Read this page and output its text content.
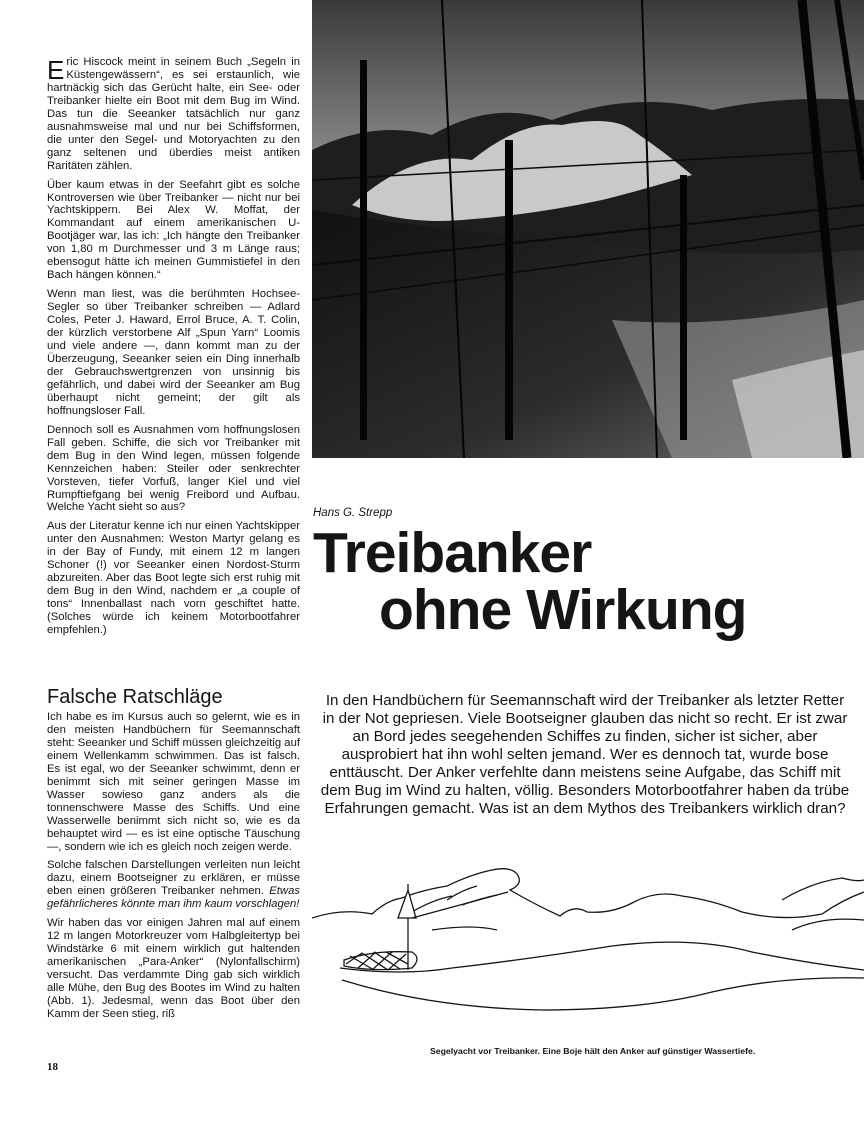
Eric Hiscock meint in seinem Buch „Segeln in Küstengewässern“, es sei erstaunlich, wie hartnäckig sich das Gerücht halte, ein See- oder Treibanker hielte ein Boot mit dem Bug im Wind. Das tun die Seeanker tatsächlich nur ganz ausnahmsweise mal und nur bei Schiffsformen, die unter den Segel- und Motoryachten zu den ganz seltenen und überdies meist antiken Raritäten zählen.

Über kaum etwas in der Seefahrt gibt es solche Kontroversen wie über Treibanker — nicht nur bei Yachtskippern. Bei Alex W. Moffat, der Kommandant auf einem amerikanischen U-Bootjäger war, las ich: „Ich hängte den Treibanker von 1,80 m Durchmesser und 3 m Länge raus; ebensogut hätte ich meinen Gummistiefel in den Bach hängen können.“

Wenn man liest, was die berühmten Hochsee-Segler so über Treibanker schreiben — Adlard Coles, Peter J. Haward, Errol Bruce, A. T. Colin, der kürzlich verstorbene Alf „Spun Yarn“ Loomis und viele andere —, dann kommt man zu der Überzeugung, Seeanker seien ein Ding innerhalb der Gebrauchswertgrenzen von unsinnig bis gefährlich, und dabei wird der Seeanker am Bug überhaupt nicht gemeint; der gilt als hoffnungsloser Fall.

Dennoch soll es Ausnahmen vom hoffnungslosen Fall geben. Schiffe, die sich vor Treibanker mit dem Bug in den Wind legen, müssen folgende Kennzeichen haben: Steiler oder senkrechter Vorsteven, tiefer Vorfuß, langer Kiel und viel Rumpftiefgang bei wenig Freibord und Aufbau. Welche Yacht sieht so aus?

Aus der Literatur kenne ich nur einen Yachtskipper unter den Ausnahmen: Weston Martyr gelang es in der Bay of Fundy, mit einem 12 m langen Schoner (!) vor Seeanker einen Nordost-Sturm abzureiten. Aber das Boot legte sich erst ruhig mit dem Bug in den Wind, nachdem er „a couple of tons“ Innenballast nach vorn geschiftet hatte. (Solches würde ich keinem Motorbootfahrer empfehlen.)

Falsche Ratschläge

Ich habe es im Kursus auch so gelernt, wie es in den meisten Handbüchern für Seemannschaft steht: Seeanker und Schiff müssen gleichzeitig auf einem Wellenkamm schwimmen. Das ist falsch. Es ist egal, wo der Seeanker schwimmt, denn er benimmt sich mit seiner geringen Masse im Wasser sowieso ganz anders als die tonnenschwere Masse des Schiffs. Und eine Wasserwelle benimmt sich nicht so, wie es da behauptet wird — es ist eine optische Täuschung —, sondern wie ich es gleich noch zeigen werde.

Solche falschen Darstellungen verleiten nun leicht dazu, einem Bootseigner zu erklären, er müsse eben einen größeren Treibanker nehmen. Etwas gefährlicheres könnte man ihm kaum vorschlagen!

Wir haben das vor einigen Jahren mal auf einem 12 m langen Motorkreuzer vom Halbgleitertyp bei Windstärke 6 mit einem wirklich gut haltenden amerikanischen „Para-Anker“ (Nylonfallschirm) versucht. Das verdammte Ding gab sich wirklich alle Mühe, den Bug des Bootes im Wind zu halten (Abb. 1). Jedesmal, wenn das Boot über den Kamm der Seen stieg, riß

18
Hans G. Strepp
Treibanker
ohne Wirkung

In den Handbüchern für Seemannschaft wird der Treibanker als letzter Retter in der Not gepriesen. Viele Bootseigner glauben das nicht so recht. Er ist zwar an Bord jedes seegehenden Schiffes zu finden, sicher ist sicher, aber ausprobiert hat ihn wohl selten jemand. Wer es dennoch tat, wurde bose enttäuscht. Der Anker verfehlte dann meistens seine Aufgabe, das Schiff mit dem Bug im Wind zu halten, völlig. Besonders Motorbootfahrer haben da trübe Erfahrungen gemacht. Was ist an dem Mythos des Treibankers wirklich dran?

Segelyacht vor Treibanker. Eine Boje hält den Anker auf günstiger Wassertiefe.
